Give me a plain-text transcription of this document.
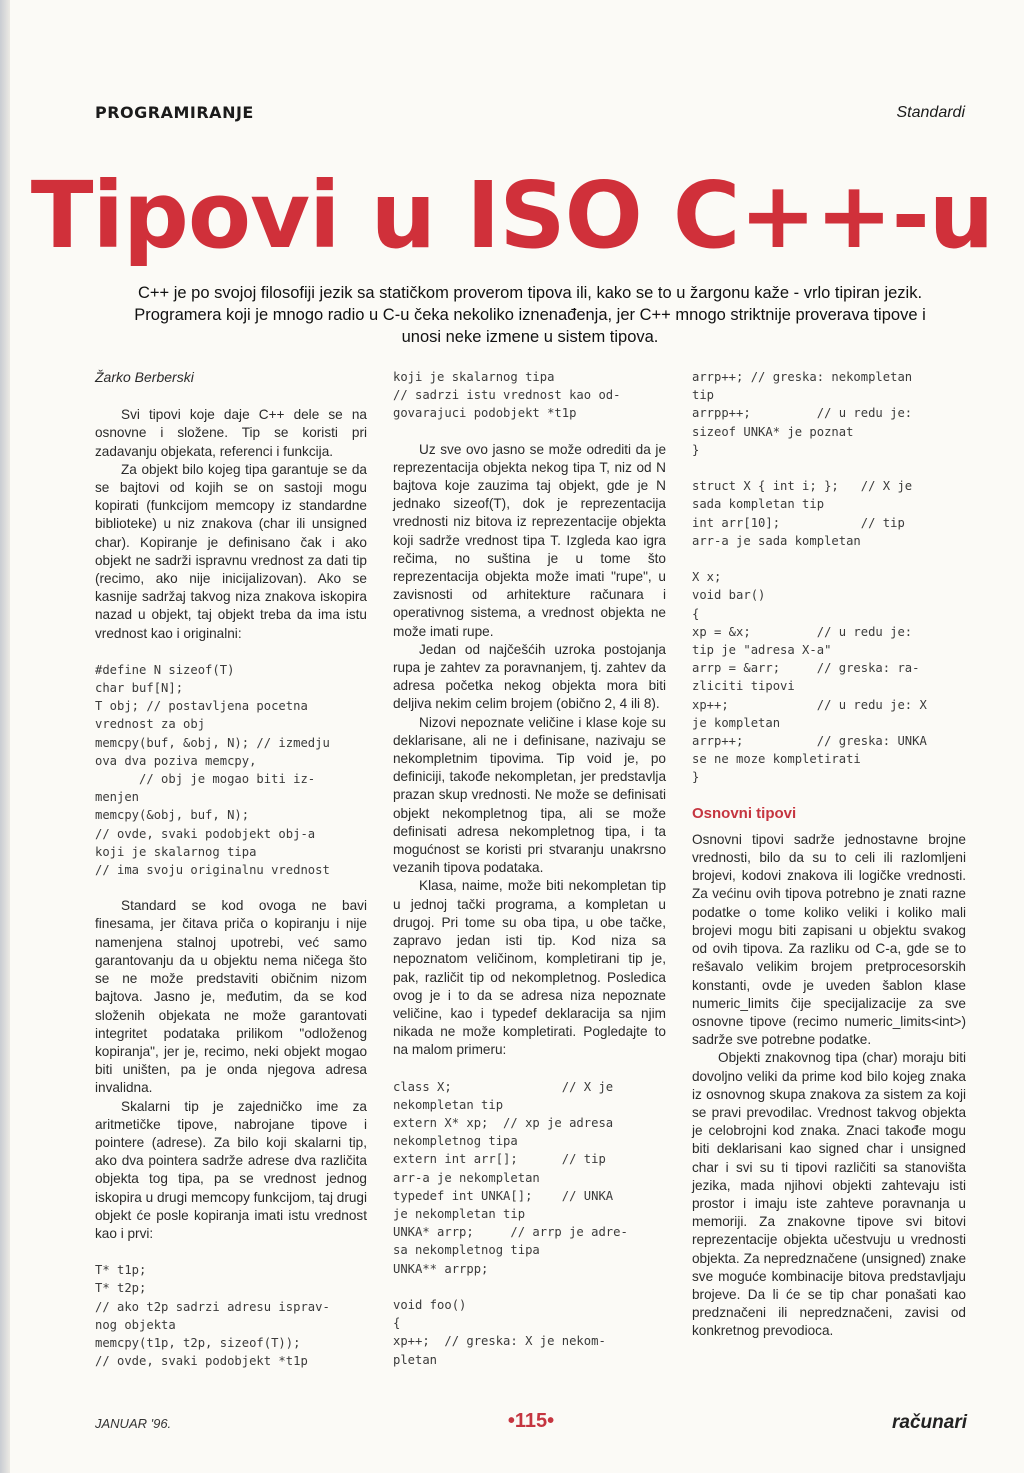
PROGRAMIRANJE	Standardi
Tipovi u ISO C++-u

C++ je po svojoj filosofiji jezik sa statičkom proverom tipova ili, kako se to u žargonu kaže - vrlo tipiran jezik. Programera koji je mnogo radio u C-u čeka nekoliko iznenađenja, jer C++ mnogo striktnije proverava tipove i unosi neke izmene u sistem tipova.

Žarko Berberski

Svi tipovi koje daje C++ dele se na osnovne i složene. Tip se koristi pri zadavanju objekata, referenci i funkcija.

Za objekt bilo kojeg tipa garantuje se da se bajtovi od kojih se on sastoji mogu kopirati (funkcijom memcopy iz standardne biblioteke) u niz znakova (char ili unsigned char). Kopiranje je definisano čak i ako objekt ne sadrži ispravnu vrednost za dati tip (recimo, ako nije inicijalizovan). Ako se kasnije sadržaj takvog niza znakova iskopira nazad u objekt, taj objekt treba da ima istu vrednost kao i originalni:

#define N sizeof(T)
char buf[N];
T obj; // postavljena pocetna
vrednost za obj
memcpy(buf, &obj, N); // izmedju
ova dva poziva memcpy,
// obj je mogao biti iz-
menjen
memcpy(&obj, buf, N);
// ovde, svaki podobjekt obj-a
koji je skalarnog tipa
// ima svoju originalnu vrednost

Standard se kod ovoga ne bavi finesama, jer čitava priča o kopiranju i nije namenjena stalnoj upotrebi, već samo garantovanju da u objektu nema ničega što se ne može predstaviti običnim nizom bajtova. Jasno je, međutim, da se kod složenih objekata ne može garantovati integritet podataka prilikom "odloženog kopiranja", jer je, recimo, neki objekt mogao biti uništen, pa je onda njegova adresa invalidna.

Skalarni tip je zajedničko ime za aritmetičke tipove, nabrojane tipove i pointere (adrese). Za bilo koji skalarni tip, ako dva pointera sadrže adrese dva različita objekta tog tipa, pa se vrednost jednog iskopira u drugi memcopy funkcijom, taj drugi objekt će posle kopiranja imati istu vrednost kao i prvi:

T* t1p;
T* t2p;
// ako t2p sadrzi adresu isprav-
nog objekta
memcpy(t1p, t2p, sizeof(T));
// ovde, svaki podobjekt *t1p
koji je skalarnog tipa
// sadrzi istu vrednost kao od-
govarajuci podobjekt *t1p

Uz sve ovo jasno se može odrediti da je reprezentacija objekta nekog tipa T, niz od N bajtova koje zauzima taj objekt, gde je N jednako sizeof(T), dok je reprezentacija vrednosti niz bitova iz reprezentacije objekta koji sadrže vrednost tipa T. Izgleda kao igra rečima, no suština je u tome što reprezentacija objekta može imati "rupe", u zavisnosti od arhitekture računara i operativnog sistema, a vrednost objekta ne može imati rupe.

Jedan od najčešćih uzroka postojanja rupa je zahtev za poravnanjem, tj. zahtev da adresa početka nekog objekta mora biti deljiva nekim celim brojem (obično 2, 4 ili 8).

Nizovi nepoznate veličine i klase koje su deklarisane, ali ne i definisane, nazivaju se nekompletnim tipovima. Tip void je, po definiciji, takođe nekompletan, jer predstavlja prazan skup vrednosti. Ne može se definisati objekt nekompletnog tipa, ali se može definisati adresa nekompletnog tipa, i ta mogućnost se koristi pri stvaranju unakrsno vezanih tipova podataka.

Klasa, naime, može biti nekompletan tip u jednoj tački programa, a kompletan u drugoj. Pri tome su oba tipa, u obe tačke, zapravo jedan isti tip. Kod niza sa nepoznatom veličinom, kompletirani tip je, pak, različit tip od nekompletnog. Posledica ovog je i to da se adresa niza nepoznate veličine, kao i typedef deklaracija sa njim nikada ne može kompletirati. Pogledajte to na malom primeru:

class X;               // X je
nekompletan tip
extern X* xp;  // xp je adresa
nekompletnog tipa
extern int arr[];      // tip
arr-a je nekompletan
typedef int UNKA[];    // UNKA
je nekompletan tip
UNKA* arrp;     // arrp je adre-
sa nekompletnog tipa
UNKA** arrpp;

void foo()
{
xp++;  // greska: X je nekom-
pletan
arrp++; // greska: nekompletan
tip
arrpp++;         // u redu je:
sizeof UNKA* je poznat
}

struct X { int i; };   // X je
sada kompletan tip
int arr[10];           // tip
arr-a je sada kompletan

X x;
void bar()
{
xp = &x;         // u redu je:
tip je "adresa X-a"
arrp = &arr;     // greska: ra-
zliciti tipovi
xp++;            // u redu je: X
je kompletan
arrp++;          // greska: UNKA
se ne moze kompletirati
}
Osnovni tipovi

Osnovni tipovi sadrže jednostavne brojne vrednosti, bilo da su to celi ili razlomljeni brojevi, kodovi znakova ili logičke vrednosti. Za većinu ovih tipova potrebno je znati razne podatke o tome koliko veliki i koliko mali brojevi mogu biti zapisani u objektu svakog od ovih tipova. Za razliku od C-a, gde se to rešavalo velikim brojem pretprocesorskih konstanti, ovde je uveden šablon klase numeric_limits čije specijalizacije za sve osnovne tipove (recimo numeric_limits<int>) sadrže sve potrebne podatke.

Objekti znakovnog tipa (char) moraju biti dovoljno veliki da prime kod bilo kojeg znaka iz osnovnog skupa znakova za sistem za koji se pravi prevodilac. Vrednost takvog objekta je celobrojni kod znaka. Znaci takođe mogu biti deklarisani kao signed char i unsigned char i svi su ti tipovi različiti sa stanovišta jezika, mada njihovi objekti zahtevaju isti prostor i imaju iste zahteve poravnanja u memoriji. Za znakovne tipove svi bitovi reprezentacije objekta učestvuju u vrednosti objekta. Za nepredznačene (unsigned) znake sve moguće kombinacije bitova predstavljaju brojeve. Da li će se tip char ponašati kao predznačeni ili nepredznačeni, zavisi od konkretnog prevodioca.

JANUAR '96.	•115•	računari
